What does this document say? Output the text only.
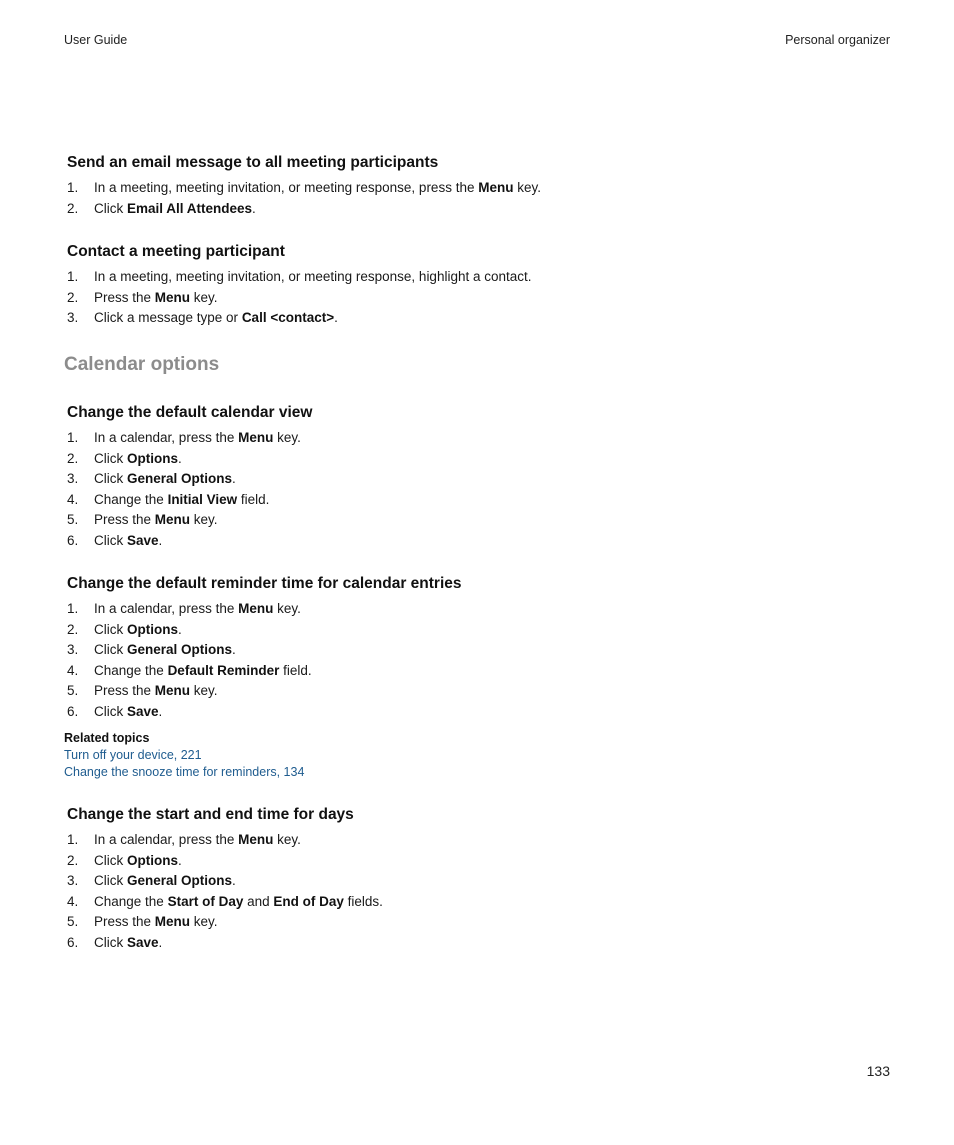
User Guide	Personal organizer
Send an email message to all meeting participants
1. In a meeting, meeting invitation, or meeting response, press the Menu key.
2. Click Email All Attendees.
Contact a meeting participant
1. In a meeting, meeting invitation, or meeting response, highlight a contact.
2. Press the Menu key.
3. Click a message type or Call <contact>.
Calendar options
Change the default calendar view
1. In a calendar, press the Menu key.
2. Click Options.
3. Click General Options.
4. Change the Initial View field.
5. Press the Menu key.
6. Click Save.
Change the default reminder time for calendar entries
1. In a calendar, press the Menu key.
2. Click Options.
3. Click General Options.
4. Change the Default Reminder field.
5. Press the Menu key.
6. Click Save.
Related topics
Turn off your device, 221
Change the snooze time for reminders, 134
Change the start and end time for days
1. In a calendar, press the Menu key.
2. Click Options.
3. Click General Options.
4. Change the Start of Day and End of Day fields.
5. Press the Menu key.
6. Click Save.
133
